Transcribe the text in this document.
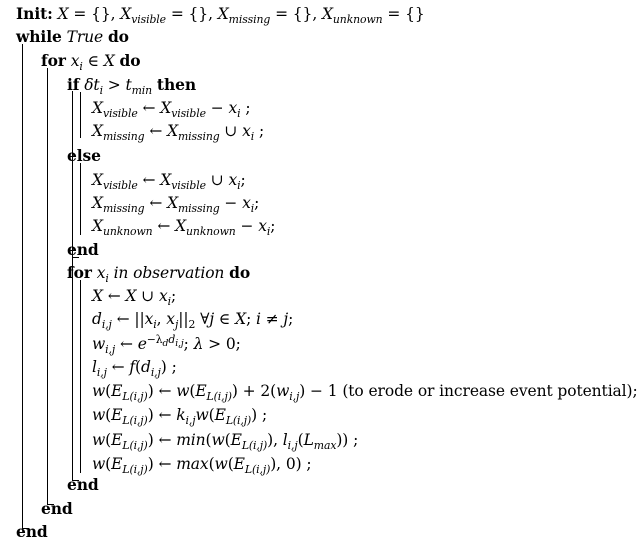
Init: X = {}, $X_{visible}$ = {}, $X_{missing}$ = {}, $X_{unknown}$ = {}
while True do
for $x_i$ ∈ X do
if $\delta t_i > t_{min}$ then
$X_{visible}$ ← $X_{visible} - x_i$ ;
$X_{missing}$ ← $X_{missing}$ ∪ $x_i$ ;
else
$X_{visible}$ ← $X_{visible}$ ∪ $x_i$;
$X_{missing}$ ← $X_{missing} - x_i$;
$X_{unknown}$ ← $X_{unknown} - x_i$;
end
for $x_i$ in observation do
X ← X ∪ $x_i$;
$d_{i,j}$ ← $||x_i$, $x_j||_2$ ∀j ∈ X; i ≠ j;
$w_{i,j}$ ← $e^{-\lambda_dd_{i,j}}$; λ > 0;
$l_{i,j}$ ← $f(d_{i,j})$ ;
$w(E_{L(i,j)})$ ← $w(E_{L(i,j)}) + 2(w_{i,j}) - 1$ (to erode or increase event potential);
$w(E_{L(i,j)})$ ← $k_{i,j}w(E_{L(i,j)})$ ;
$w(E_{L(i,j)})$ ← $\min(w(E_{L(i,j)})$, $l_{i,j}(L_{max})$) ;
$w(E_{L(i,j)})$ ← $\max(w(E_{L(i,j)})$, 0) ;
end
end
end
